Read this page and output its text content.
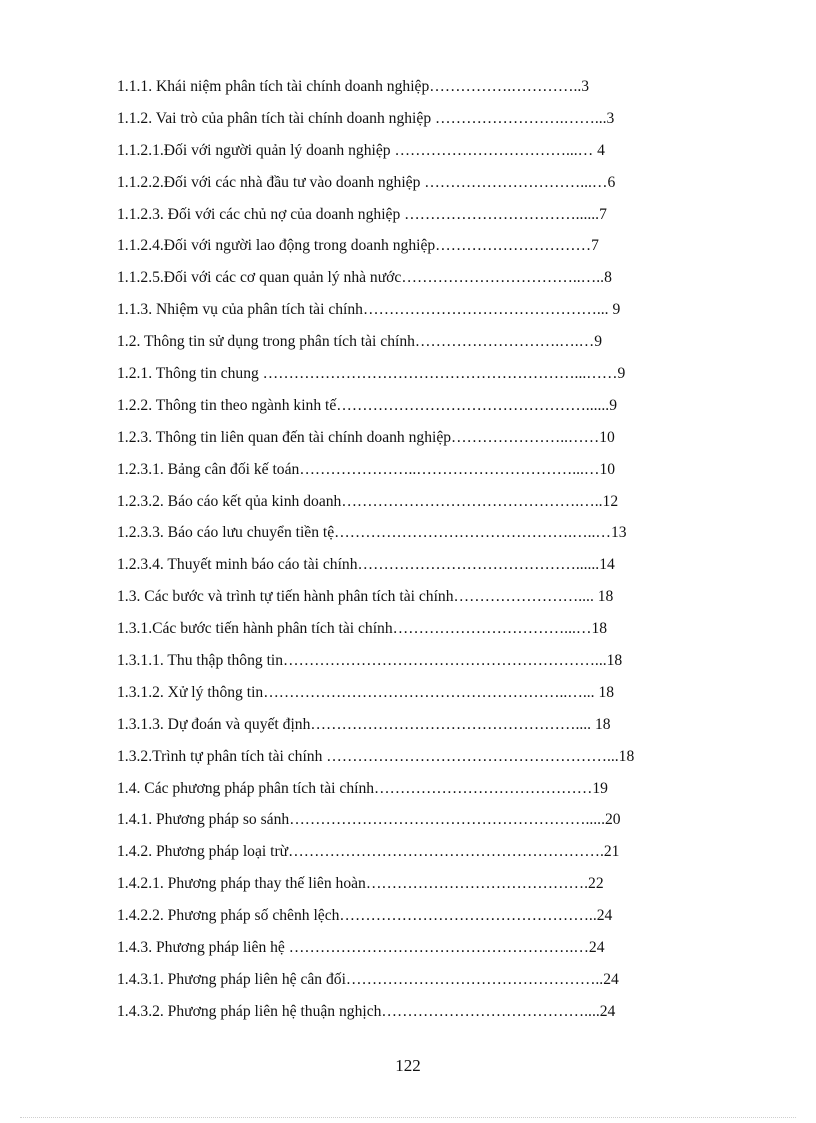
1.1.1. Khái niệm phân tích tài chính doanh nghiệp…………….…………..3
1.1.2. Vai trò của phân tích tài chính doanh nghiệp …………………….……...3
1.1.2.1.Đối với người quản lý doanh nghiệp ……………………………...… 4
1.1.2.2.Đối với các nhà đầu tư vào doanh nghiệp …………………………...…6
1.1.2.3. Đối với các chủ nợ của doanh nghiệp ……………………………......7
1.1.2.4.Đối với người lao động trong doanh nghiệp…………………………7
1.1.2.5.Đối với các cơ quan quản lý nhà nước……………………………..…..8
1.1.3. Nhiệm vụ của phân tích tài chính………………………………………... 9
1.2. Thông tin sử dụng trong phân tích tài chính……………………….….…9
1.2.1. Thông tin chung ……………………………………………………...……9
1.2.2. Thông tin theo ngành kinh tế…………………………………………......9
1.2.3. Thông tin liên quan đến tài chính doanh nghiệp…………………..……10
1.2.3.1. Bảng cân đối kế toán…………………..…………………………...…10
1.2.3.2. Báo cáo kết qủa kinh doanh……………………………………….…..12
1.2.3.3. Báo cáo lưu chuyển tiền tệ……………………………………….…..…13
1.2.3.4. Thuyết minh báo cáo tài chính……………………………………......14
1.3. Các bước và trình tự tiến hành phân tích tài chính…………………….... 18
1.3.1.Các bước tiến hành phân tích tài chính……………………………...…18
1.3.1.1. Thu thập thông tin……………………………………………………...18
1.3.1.2. Xử lý thông tin…………………………………………………..…... 18
1.3.1.3. Dự đoán và quyết định…………………………………………….... 18
1.3.2.Trình tự phân tích tài chính ………………………………………………...18
1.4. Các phương pháp phân tích tài chính……………………………………19
1.4.1. Phương pháp so sánh………………………………………………….....20
1.4.2. Phương pháp loại trừ…………………………………………………….21
1.4.2.1. Phương pháp thay thế liên hoàn…………………………………….22
1.4.2.2. Phương pháp số chênh lệch…………………………………………..24
1.4.3. Phương pháp liên hệ ……………………………………………….…24
1.4.3.1. Phương pháp liên hệ cân đối…………………………………………..24
1.4.3.2. Phương pháp liên hệ thuận nghịch…………………………………....24
122
